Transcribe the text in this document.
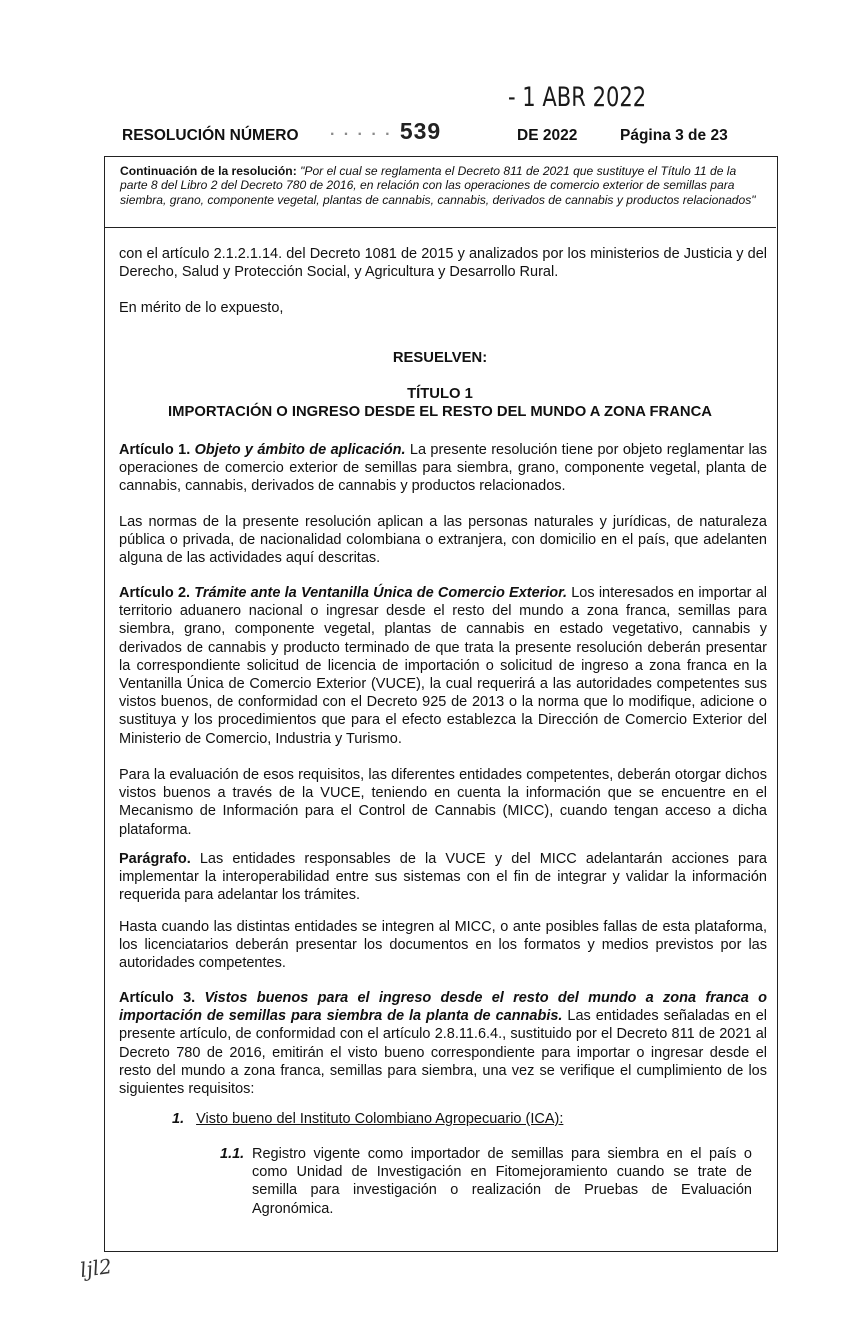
- 1 ABR 2022
RESOLUCIÓN NÚMERO · · · · · 539	DE 2022	Página 3 de 23
Continuación de la resolución: "Por el cual se reglamenta el Decreto 811 de 2021 que sustituye el Título 11 de la parte 8 del Libro 2 del Decreto 780 de 2016, en relación con las operaciones de comercio exterior de semillas para siembra, grano, componente vegetal, plantas de cannabis, cannabis, derivados de cannabis y productos relacionados"
con el artículo 2.1.2.1.14. del Decreto 1081 de 2015 y analizados por los ministerios de Justicia y del Derecho, Salud y Protección Social, y Agricultura y Desarrollo Rural.
En mérito de lo expuesto,
RESUELVEN:
TÍTULO 1
IMPORTACIÓN O INGRESO DESDE EL RESTO DEL MUNDO A ZONA FRANCA

Artículo 1. Objeto y ámbito de aplicación. La presente resolución tiene por objeto reglamentar las operaciones de comercio exterior de semillas para siembra, grano, componente vegetal, planta de cannabis, cannabis, derivados de cannabis y productos relacionados.

Las normas de la presente resolución aplican a las personas naturales y jurídicas, de naturaleza pública o privada, de nacionalidad colombiana o extranjera, con domicilio en el país, que adelanten alguna de las actividades aquí descritas.

Artículo 2. Trámite ante la Ventanilla Única de Comercio Exterior. Los interesados en importar al territorio aduanero nacional o ingresar desde el resto del mundo a zona franca, semillas para siembra, grano, componente vegetal, plantas de cannabis en estado vegetativo, cannabis y derivados de cannabis y producto terminado de que trata la presente resolución deberán presentar la correspondiente solicitud de licencia de importación o solicitud de ingreso a zona franca en la Ventanilla Única de Comercio Exterior (VUCE), la cual requerirá a las autoridades competentes sus vistos buenos, de conformidad con el Decreto 925 de 2013 o la norma que lo modifique, adicione o sustituya y los procedimientos que para el efecto establezca la Dirección de Comercio Exterior del Ministerio de Comercio, Industria y Turismo.

Para la evaluación de esos requisitos, las diferentes entidades competentes, deberán otorgar dichos vistos buenos a través de la VUCE, teniendo en cuenta la información que se encuentre en el Mecanismo de Información para el Control de Cannabis (MICC), cuando tengan acceso a dicha plataforma.

Parágrafo. Las entidades responsables de la VUCE y del MICC adelantarán acciones para implementar la interoperabilidad entre sus sistemas con el fin de integrar y validar la información requerida para adelantar los trámites.

Hasta cuando las distintas entidades se integren al MICC, o ante posibles fallas de esta plataforma, los licenciatarios deberán presentar los documentos en los formatos y medios previstos por las autoridades competentes.

Artículo 3. Vistos buenos para el ingreso desde el resto del mundo a zona franca o importación de semillas para siembra de la planta de cannabis. Las entidades señaladas en el presente artículo, de conformidad con el artículo 2.8.11.6.4., sustituido por el Decreto 811 de 2021 al Decreto 780 de 2016, emitirán el visto bueno correspondiente para importar o ingresar desde el resto del mundo a zona franca, semillas para siembra, una vez se verifique el cumplimiento de los siguientes requisitos:

1. Visto bueno del Instituto Colombiano Agropecuario (ICA):
1.1. Registro vigente como importador de semillas para siembra en el país o como Unidad de Investigación en Fitomejoramiento cuando se trate de semilla para investigación o realización de Pruebas de Evaluación Agronómica.
ljl2
